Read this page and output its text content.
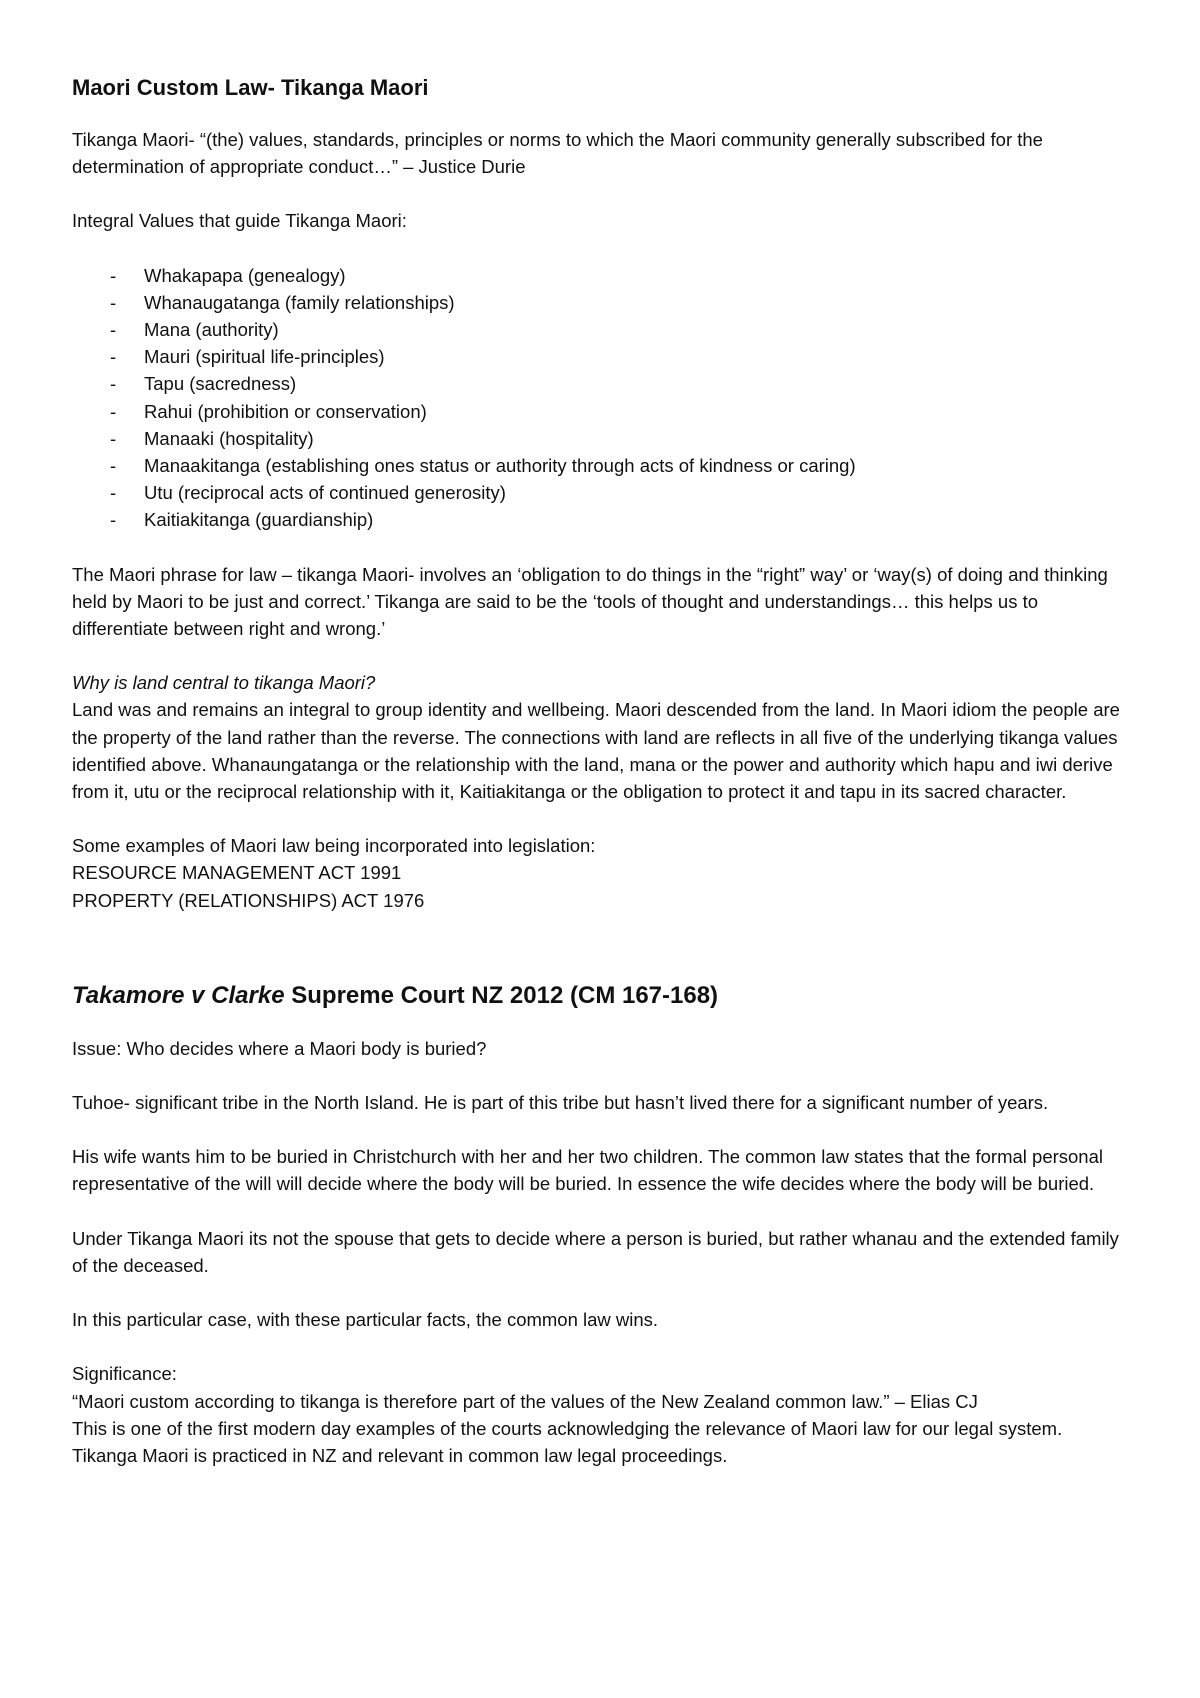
Maori Custom Law- Tikanga Maori

Tikanga Maori- “(the) values, standards, principles or norms to which the Maori community generally subscribed for the determination of appropriate conduct…” – Justice Durie

Integral Values that guide Tikanga Maori:

- Whakapapa (genealogy)
- Whanaugatanga (family relationships)
- Mana (authority)
- Mauri (spiritual life-principles)
- Tapu (sacredness)
- Rahui (prohibition or conservation)
- Manaaki (hospitality)
- Manaakitanga (establishing ones status or authority through acts of kindness or caring)
- Utu (reciprocal acts of continued generosity)
- Kaitiakitanga (guardianship)

The Maori phrase for law – tikanga Maori- involves an ‘obligation to do things in the “right” way’ or ‘way(s) of doing and thinking held by Maori to be just and correct.’ Tikanga are said to be the ‘tools of thought and understandings… this helps us to differentiate between right and wrong.’

Why is land central to tikanga Maori?

Land was and remains an integral to group identity and wellbeing. Maori descended from the land. In Maori idiom the people are the property of the land rather than the reverse. The connections with land are reflects in all five of the underlying tikanga values identified above. Whanaungatanga or the relationship with the land, mana or the power and authority which hapu and iwi derive from it, utu or the reciprocal relationship with it, Kaitiakitanga or the obligation to protect it and tapu in its sacred character.

Some examples of Maori law being incorporated into legislation:

RESOURCE MANAGEMENT ACT 1991

PROPERTY (RELATIONSHIPS) ACT 1976

Takamore v Clarke Supreme Court NZ 2012 (CM 167-168)

Issue: Who decides where a Maori body is buried?

Tuhoe- significant tribe in the North Island. He is part of this tribe but hasn’t lived there for a significant number of years.

His wife wants him to be buried in Christchurch with her and her two children. The common law states that the formal personal representative of the will will decide where the body will be buried. In essence the wife decides where the body will be buried.

Under Tikanga Maori its not the spouse that gets to decide where a person is buried, but rather whanau and the extended family of the deceased.

In this particular case, with these particular facts, the common law wins.

Significance:

“Maori custom according to tikanga is therefore part of the values of the New Zealand common law.” – Elias CJ

This is one of the first modern day examples of the courts acknowledging the relevance of Maori law for our legal system.

Tikanga Maori is practiced in NZ and relevant in common law legal proceedings.
